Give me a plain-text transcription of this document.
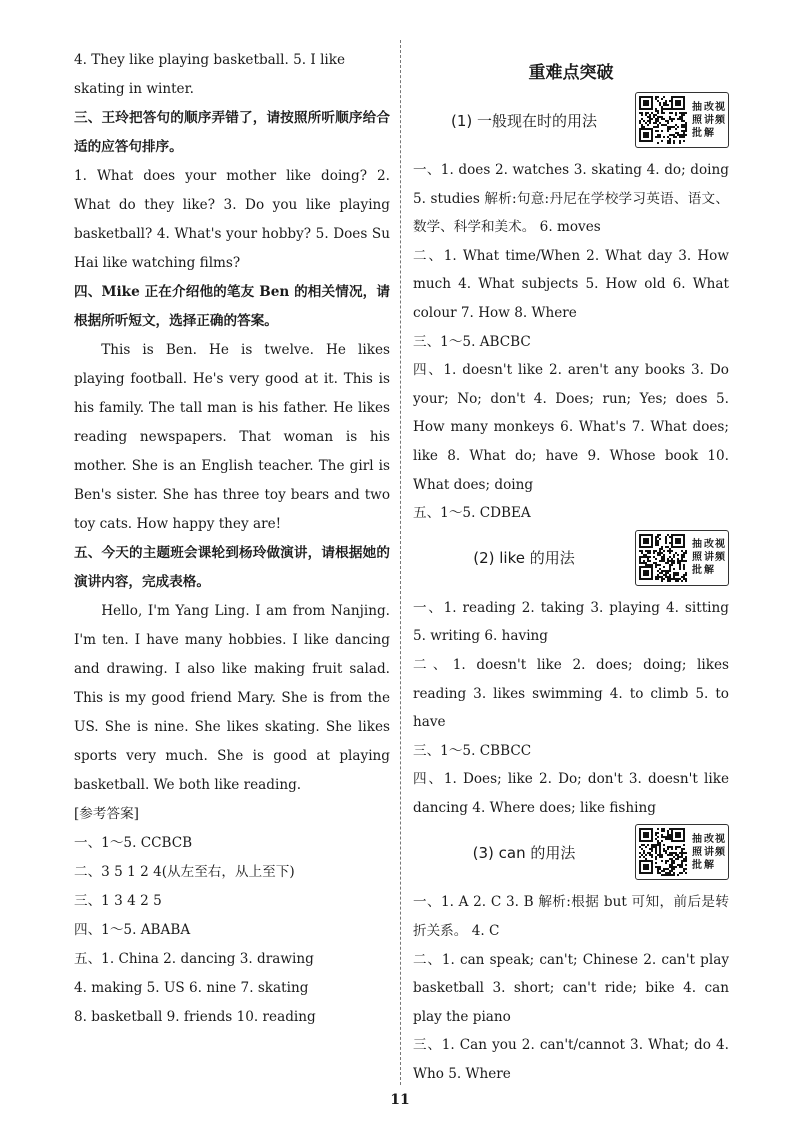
4. They like playing basketball. 5. I like

skating in winter.

三、王玲把答句的顺序弄错了，请按照所听顺序给合适的应答句排序。

1. What does your mother like doing? 2. What do they like? 3. Do you like playing basketball? 4. What's your hobby? 5. Does Su Hai like watching films?

四、Mike 正在介绍他的笔友 Ben 的相关情况，请根据所听短文，选择正确的答案。

This is Ben. He is twelve. He likes playing football. He's very good at it. This is his family. The tall man is his father. He likes reading newspapers. That woman is his mother. She is an English teacher. The girl is Ben's sister. She has three toy bears and two toy cats. How happy they are!

五、今天的主题班会课轮到杨玲做演讲，请根据她的演讲内容，完成表格。

Hello, I'm Yang Ling. I am from Nanjing. I'm ten. I have many hobbies. I like dancing and drawing. I also like making fruit salad. This is my good friend Mary. She is from the US. She is nine. She likes skating. She likes sports very much. She is good at playing basketball. We both like reading.

[参考答案]

一、1～5. CCBCB

二、3 5 1 2 4(从左至右，从上至下)

三、1 3 4 2 5

四、1～5. ABABA

五、1. China 2. dancing 3. drawing

4. making 5. US 6. nine 7. skating

8. basketball 9. friends 10. reading

重难点突破
(1) 一般现在时的用法
抽
照
批
改
讲
解
视
频

一、1. does 2. watches 3. skating 4. do; doing 5. studies 解析:句意:丹尼在学校学习英语、语文、数学、科学和美术。 6. moves

二、1. What time/When 2. What day 3. How much 4. What subjects 5. How old 6. What colour 7. How 8. Where

三、1～5. ABCBC

四、1. doesn't like 2. aren't any books 3. Do your; No; don't 4. Does; run; Yes; does 5. How many monkeys 6. What's 7. What does; like 8. What do; have 9. Whose book 10. What does; doing

五、1～5. CDBEA

(2) like 的用法
抽
照
批
改
讲
解
视
频

一、1. reading 2. taking 3. playing 4. sitting 5. writing 6. having

二、1. doesn't like 2. does; doing; likes reading 3. likes swimming 4. to climb 5. to have

三、1～5. CBBCC

四、1. Does; like 2. Do; don't 3. doesn't like dancing 4. Where does; like fishing

(3) can 的用法
抽
照
批
改
讲
解
视
频

一、1. A 2. C 3. B 解析:根据 but 可知，前后是转折关系。 4. C

二、1. can speak; can't; Chinese 2. can't play basketball 3. short; can't ride; bike 4. can play the piano

三、1. Can you 2. can't/cannot 3. What; do 4. Who 5. Where

11
